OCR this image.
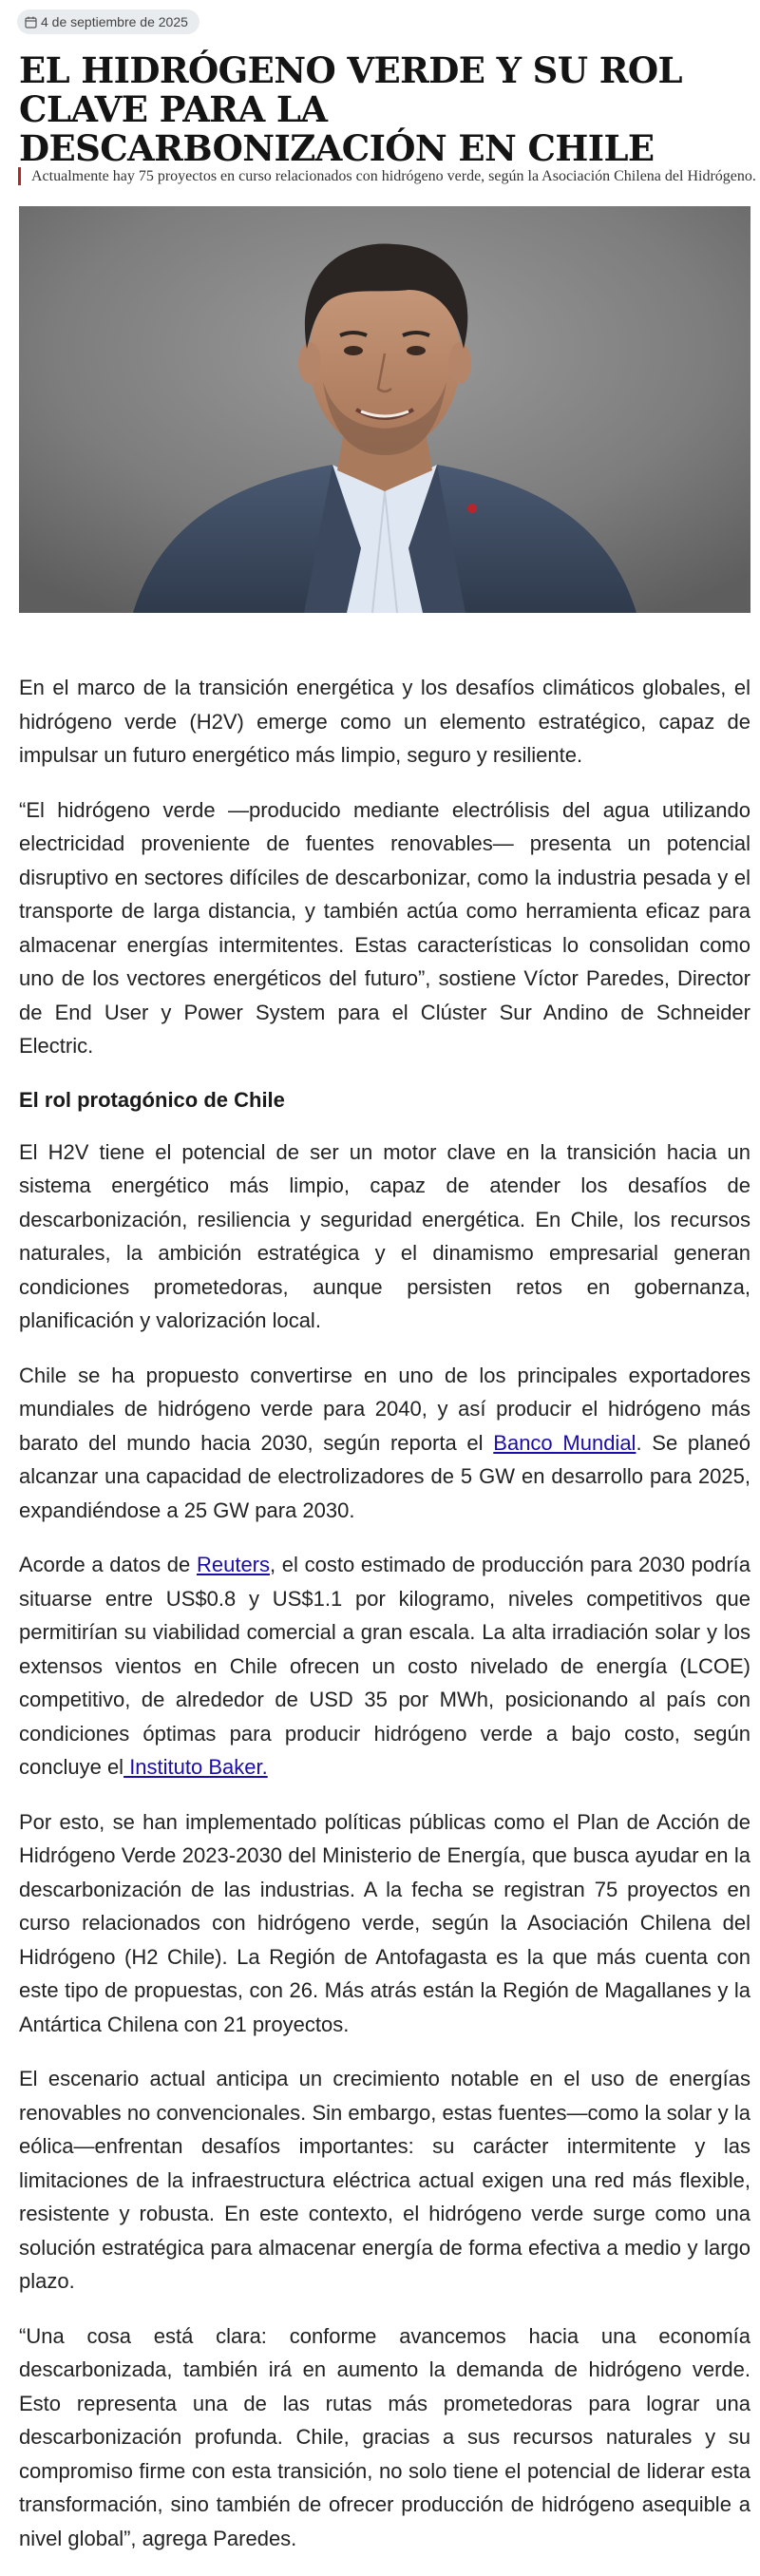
4 de septiembre de 2025
EL HIDRÓGENO VERDE Y SU ROL CLAVE PARA LA DESCARBONIZACIÓN EN CHILE

Actualmente hay 75 proyectos en curso relacionados con hidrógeno verde, según la Asociación Chilena del Hidrógeno.

En el marco de la transición energética y los desafíos climáticos globales, el hidrógeno verde (H2V) emerge como un elemento estratégico, capaz de impulsar un futuro energético más limpio, seguro y resiliente.

“El hidrógeno verde —producido mediante electrólisis del agua utilizando electricidad proveniente de fuentes renovables— presenta un potencial disruptivo en sectores difíciles de descarbonizar, como la industria pesada y el transporte de larga distancia, y también actúa como herramienta eficaz para almacenar energías intermitentes. Estas características lo consolidan como uno de los vectores energéticos del futuro”, sostiene Víctor Paredes, Director de End User y Power System para el Clúster Sur Andino de Schneider Electric.

El rol protagónico de Chile

El H2V tiene el potencial de ser un motor clave en la transición hacia un sistema energético más limpio, capaz de atender los desafíos de descarbonización, resiliencia y seguridad energética. En Chile, los recursos naturales, la ambición estratégica y el dinamismo empresarial generan condiciones prometedoras, aunque persisten retos en gobernanza, planificación y valorización local.

Chile se ha propuesto convertirse en uno de los principales exportadores mundiales de hidrógeno verde para 2040, y así producir el hidrógeno más barato del mundo hacia 2030, según reporta el Banco Mundial. Se planeó alcanzar una capacidad de electrolizadores de 5 GW en desarrollo para 2025, expandiéndose a 25 GW para 2030.

Acorde a datos de Reuters, el costo estimado de producción para 2030 podría situarse entre US$0.8 y US$1.1 por kilogramo, niveles competitivos que permitirían su viabilidad comercial a gran escala. La alta irradiación solar y los extensos vientos en Chile ofrecen un costo nivelado de energía (LCOE) competitivo, de alrededor de USD 35 por MWh, posicionando al país con condiciones óptimas para producir hidrógeno verde a bajo costo, según concluye el Instituto Baker.

Por esto, se han implementado políticas públicas como el Plan de Acción de Hidrógeno Verde 2023-2030 del Ministerio de Energía, que busca ayudar en la descarbonización de las industrias. A la fecha se registran 75 proyectos en curso relacionados con hidrógeno verde, según la Asociación Chilena del Hidrógeno (H2 Chile). La Región de Antofagasta es la que más cuenta con este tipo de propuestas, con 26. Más atrás están la Región de Magallanes y la Antártica Chilena con 21 proyectos.

El escenario actual anticipa un crecimiento notable en el uso de energías renovables no convencionales. Sin embargo, estas fuentes—como la solar y la eólica—enfrentan desafíos importantes: su carácter intermitente y las limitaciones de la infraestructura eléctrica actual exigen una red más flexible, resistente y robusta. En este contexto, el hidrógeno verde surge como una solución estratégica para almacenar energía de forma efectiva a medio y largo plazo.

“Una cosa está clara: conforme avancemos hacia una economía descarbonizada, también irá en aumento la demanda de hidrógeno verde. Esto representa una de las rutas más prometedoras para lograr una descarbonización profunda. Chile, gracias a sus recursos naturales y su compromiso firme con esta transición, no solo tiene el potencial de liderar esta transformación, sino también de ofrecer producción de hidrógeno asequible a nivel global”, agrega Paredes.
